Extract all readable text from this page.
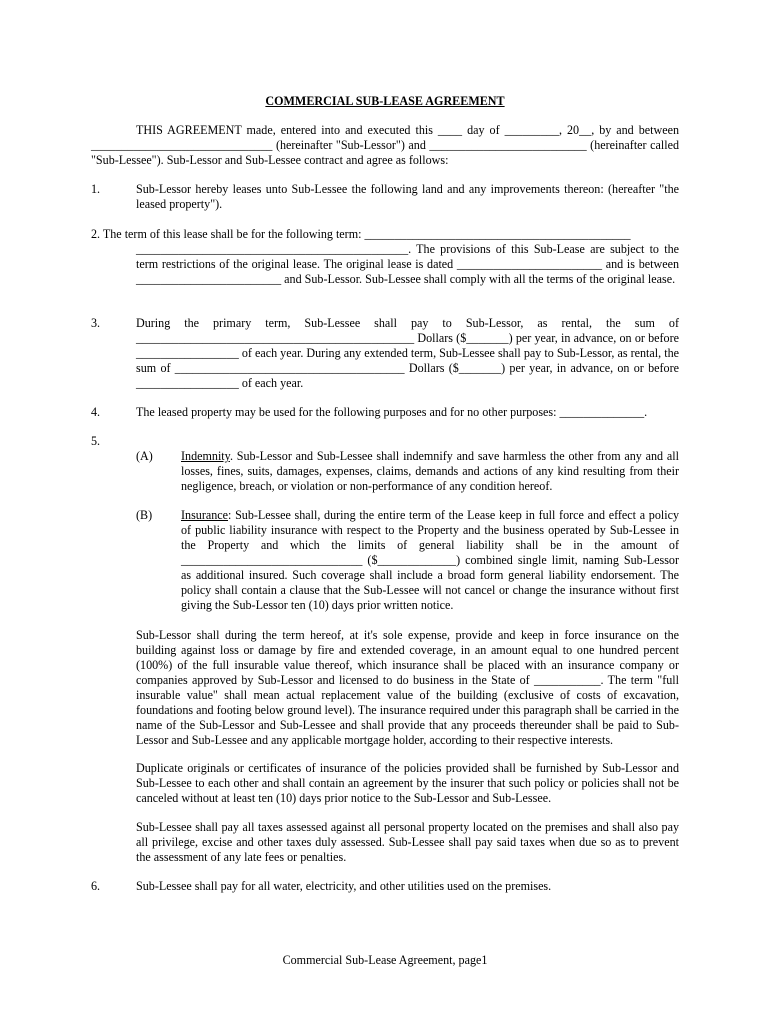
COMMERCIAL SUB-LEASE AGREEMENT
THIS AGREEMENT made, entered into and executed this ____ day of _________, 20__, by and between ______________________________ (hereinafter "Sub-Lessor") and __________________________ (hereinafter called "Sub-Lessee"). Sub-Lessor and Sub-Lessee contract and agree as follows:
1.	Sub-Lessor hereby leases unto Sub-Lessee the following land and any improvements thereon: (hereafter "the leased property").
2. The term of this lease shall be for the following term: ____________________________________________
_____________________________________________. The provisions of this Sub-Lease are subject to the term restrictions of the original lease. The original lease is dated ________________________ and is between ________________________ and Sub-Lessor. Sub-Lessee shall comply with all the terms of the original lease.
3.	During the primary term, Sub-Lessee shall pay to Sub-Lessor, as rental, the sum of ______________________________________________ Dollars ($_______) per year, in advance, on or before _________________ of each year. During any extended term, Sub-Lessee shall pay to Sub-Lessor, as rental, the sum of ______________________________________ Dollars ($_______) per year, in advance, on or before _________________ of each year.
4.	The leased property may be used for the following purposes and for no other purposes: ______________.
5.
(A) Indemnity. Sub-Lessor and Sub-Lessee shall indemnify and save harmless the other from any and all losses, fines, suits, damages, expenses, claims, demands and actions of any kind resulting from their negligence, breach, or violation or non-performance of any condition hereof.
(B) Insurance: Sub-Lessee shall, during the entire term of the Lease keep in full force and effect a policy of public liability insurance with respect to the Property and the business operated by Sub-Lessee in the Property and which the limits of general liability shall be in the amount of ______________________________ ($_____________) combined single limit, naming Sub-Lessor as additional insured. Such coverage shall include a broad form general liability endorsement. The policy shall contain a clause that the Sub-Lessee will not cancel or change the insurance without first giving the Sub-Lessor ten (10) days prior written notice.
Sub-Lessor shall during the term hereof, at it's sole expense, provide and keep in force insurance on the building against loss or damage by fire and extended coverage, in an amount equal to one hundred percent (100%) of the full insurable value thereof, which insurance shall be placed with an insurance company or companies approved by Sub-Lessor and licensed to do business in the State of ___________. The term "full insurable value" shall mean actual replacement value of the building (exclusive of costs of excavation, foundations and footing below ground level). The insurance required under this paragraph shall be carried in the name of the Sub-Lessor and Sub-Lessee and shall provide that any proceeds thereunder shall be paid to Sub-Lessor and Sub-Lessee and any applicable mortgage holder, according to their respective interests.
Duplicate originals or certificates of insurance of the policies provided shall be furnished by Sub-Lessor and Sub-Lessee to each other and shall contain an agreement by the insurer that such policy or policies shall not be canceled without at least ten (10) days prior notice to the Sub-Lessor and Sub-Lessee.
Sub-Lessee shall pay all taxes assessed against all personal property located on the premises and shall also pay all privilege, excise and other taxes duly assessed. Sub-Lessee shall pay said taxes when due so as to prevent the assessment of any late fees or penalties.
6.	Sub-Lessee shall pay for all water, electricity, and other utilities used on the premises.
Commercial Sub-Lease Agreement, page1
